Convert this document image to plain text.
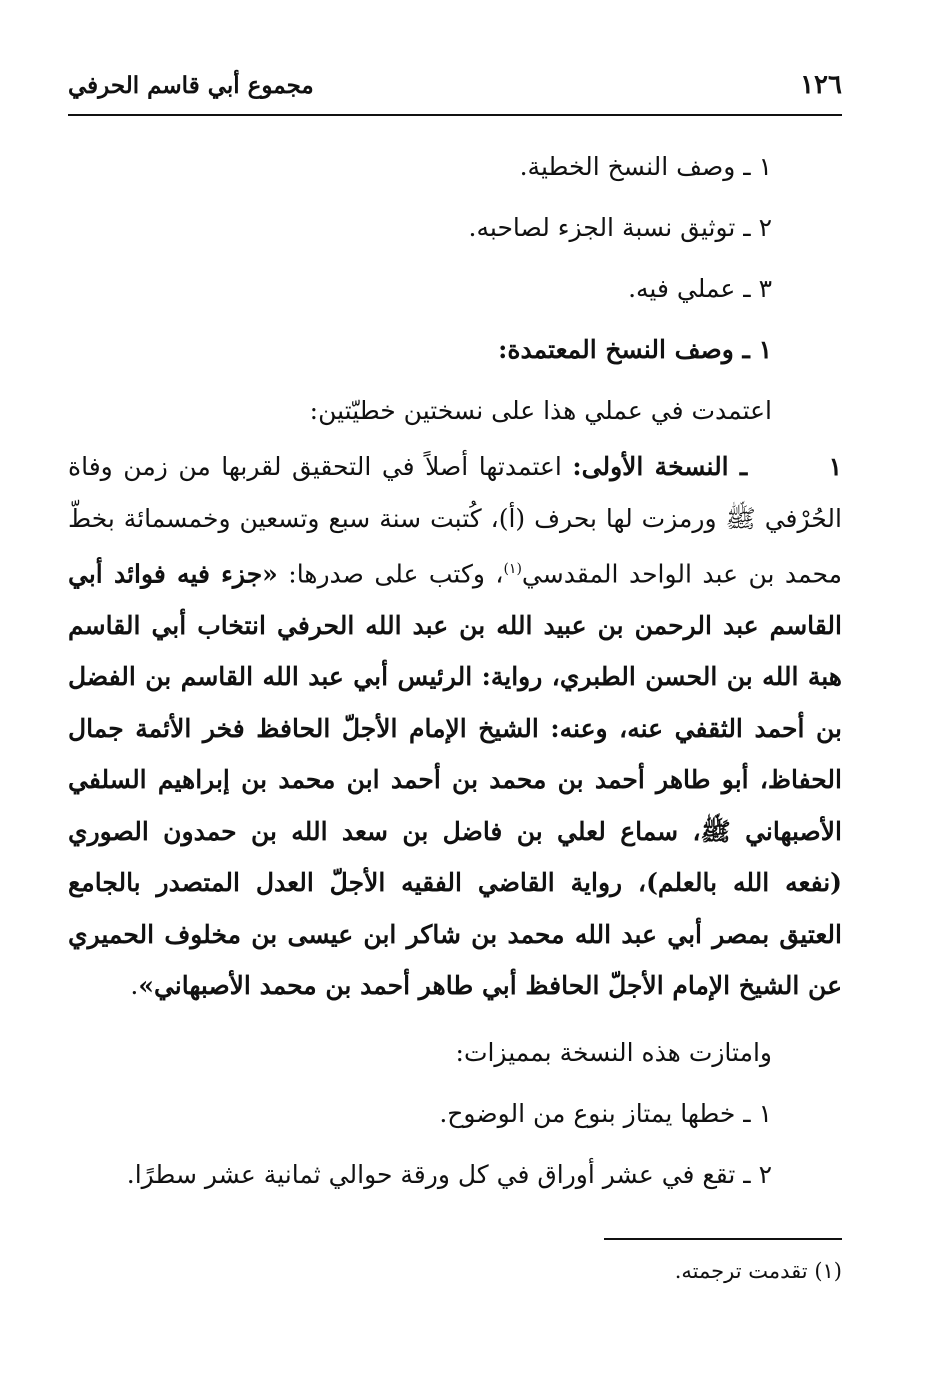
١٢٦
مجموع أبي قاسم الحرفي
١ ـ وصف النسخ الخطية.
٢ ـ توثيق نسبة الجزء لصاحبه.
٣ ـ عملي فيه.
١ ـ وصف النسخ المعتمدة:
اعتمدت في عملي هذا على نسختين خطيّتين:

١ ـ النسخة الأولى: اعتمدتها أصلاً في التحقيق لقربها من زمن وفاة الحُرْفي ﷺ ورمزت لها بحرف (أ)، كُتبت سنة سبع وتسعين وخمسمائة بخطّ محمد بن عبد الواحد المقدسي$^{(١)}$، وكتب على صدرها: «جزء فيه فوائد أبي القاسم عبد الرحمن بن عبيد الله بن عبد الله الحرفي انتخاب أبي القاسم هبة الله بن الحسن الطبري، رواية: الرئيس أبي عبد الله القاسم بن الفضل بن أحمد الثقفي عنه، وعنه: الشيخ الإمام الأجلّ الحافظ فخر الأئمة جمال الحفاظ، أبو طاهر أحمد بن محمد بن أحمد ابن محمد بن إبراهيم السلفي الأصبهاني ﷺ، سماع لعلي بن فاضل بن سعد الله بن حمدون الصوري (نفعه الله بالعلم)، رواية القاضي الفقيه الأجلّ العدل المتصدر بالجامع العتيق بمصر أبي عبد الله محمد بن شاكر ابن عيسى بن مخلوف الحميري عن الشيخ الإمام الأجلّ الحافظ أبي طاهر أحمد بن محمد الأصبهاني».

وامتازت هذه النسخة بمميزات:
١ ـ خطها يمتاز بنوع من الوضوح.
٢ ـ تقع في عشر أوراق في كل ورقة حوالي ثمانية عشر سطرًا.
(١) تقدمت ترجمته.
